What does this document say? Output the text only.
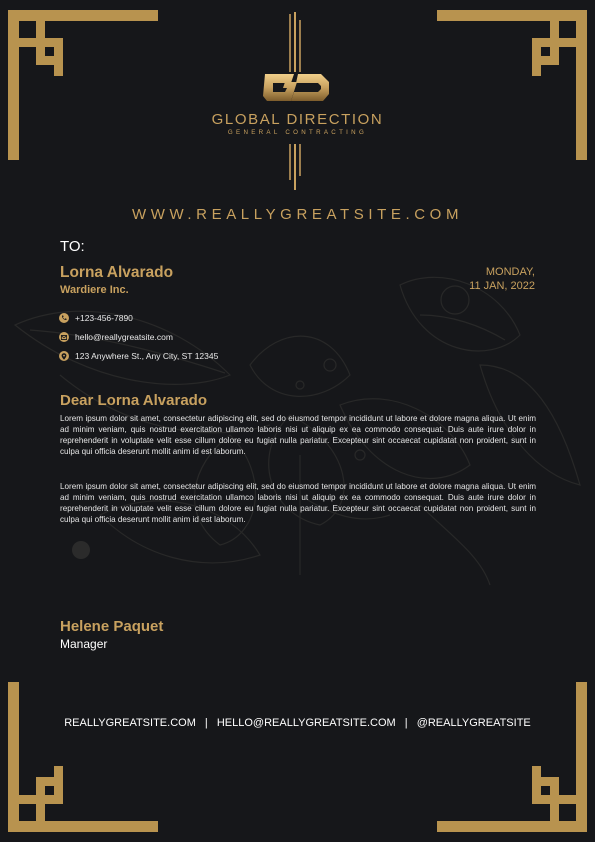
GLOBAL DIRECTION
GENERAL CONTRACTING
WWW.REALLYGREATSITE.COM
TO:
Lorna Alvarado
Wardiere Inc.
MONDAY,
11 JAN, 2022
+123-456-7890
hello@reallygreatsite.com
123 Anywhere St., Any City, ST 12345
Dear Lorna Alvarado
Lorem ipsum dolor sit amet, consectetur adipiscing elit, sed do eiusmod tempor incididunt ut labore et dolore magna aliqua. Ut enim ad minim veniam, quis nostrud exercitation ullamco laboris nisi ut aliquip ex ea commodo consequat. Duis aute irure dolor in reprehenderit in voluptate velit esse cillum dolore eu fugiat nulla pariatur. Excepteur sint occaecat cupidatat non proident, sunt in culpa qui officia deserunt mollit anim id est laborum.
Lorem ipsum dolor sit amet, consectetur adipiscing elit, sed do eiusmod tempor incididunt ut labore et dolore magna aliqua. Ut enim ad minim veniam, quis nostrud exercitation ullamco laboris nisi ut aliquip ex ea commodo consequat. Duis aute irure dolor in reprehenderit in voluptate velit esse cillum dolore eu fugiat nulla pariatur. Excepteur sint occaecat cupidatat non proident, sunt in culpa qui officia deserunt mollit anim id est laborum.
Helene Paquet
Manager
REALLYGREATSITE.COM | HELLO@REALLYGREATSITE.COM | @REALLYGREATSITE
